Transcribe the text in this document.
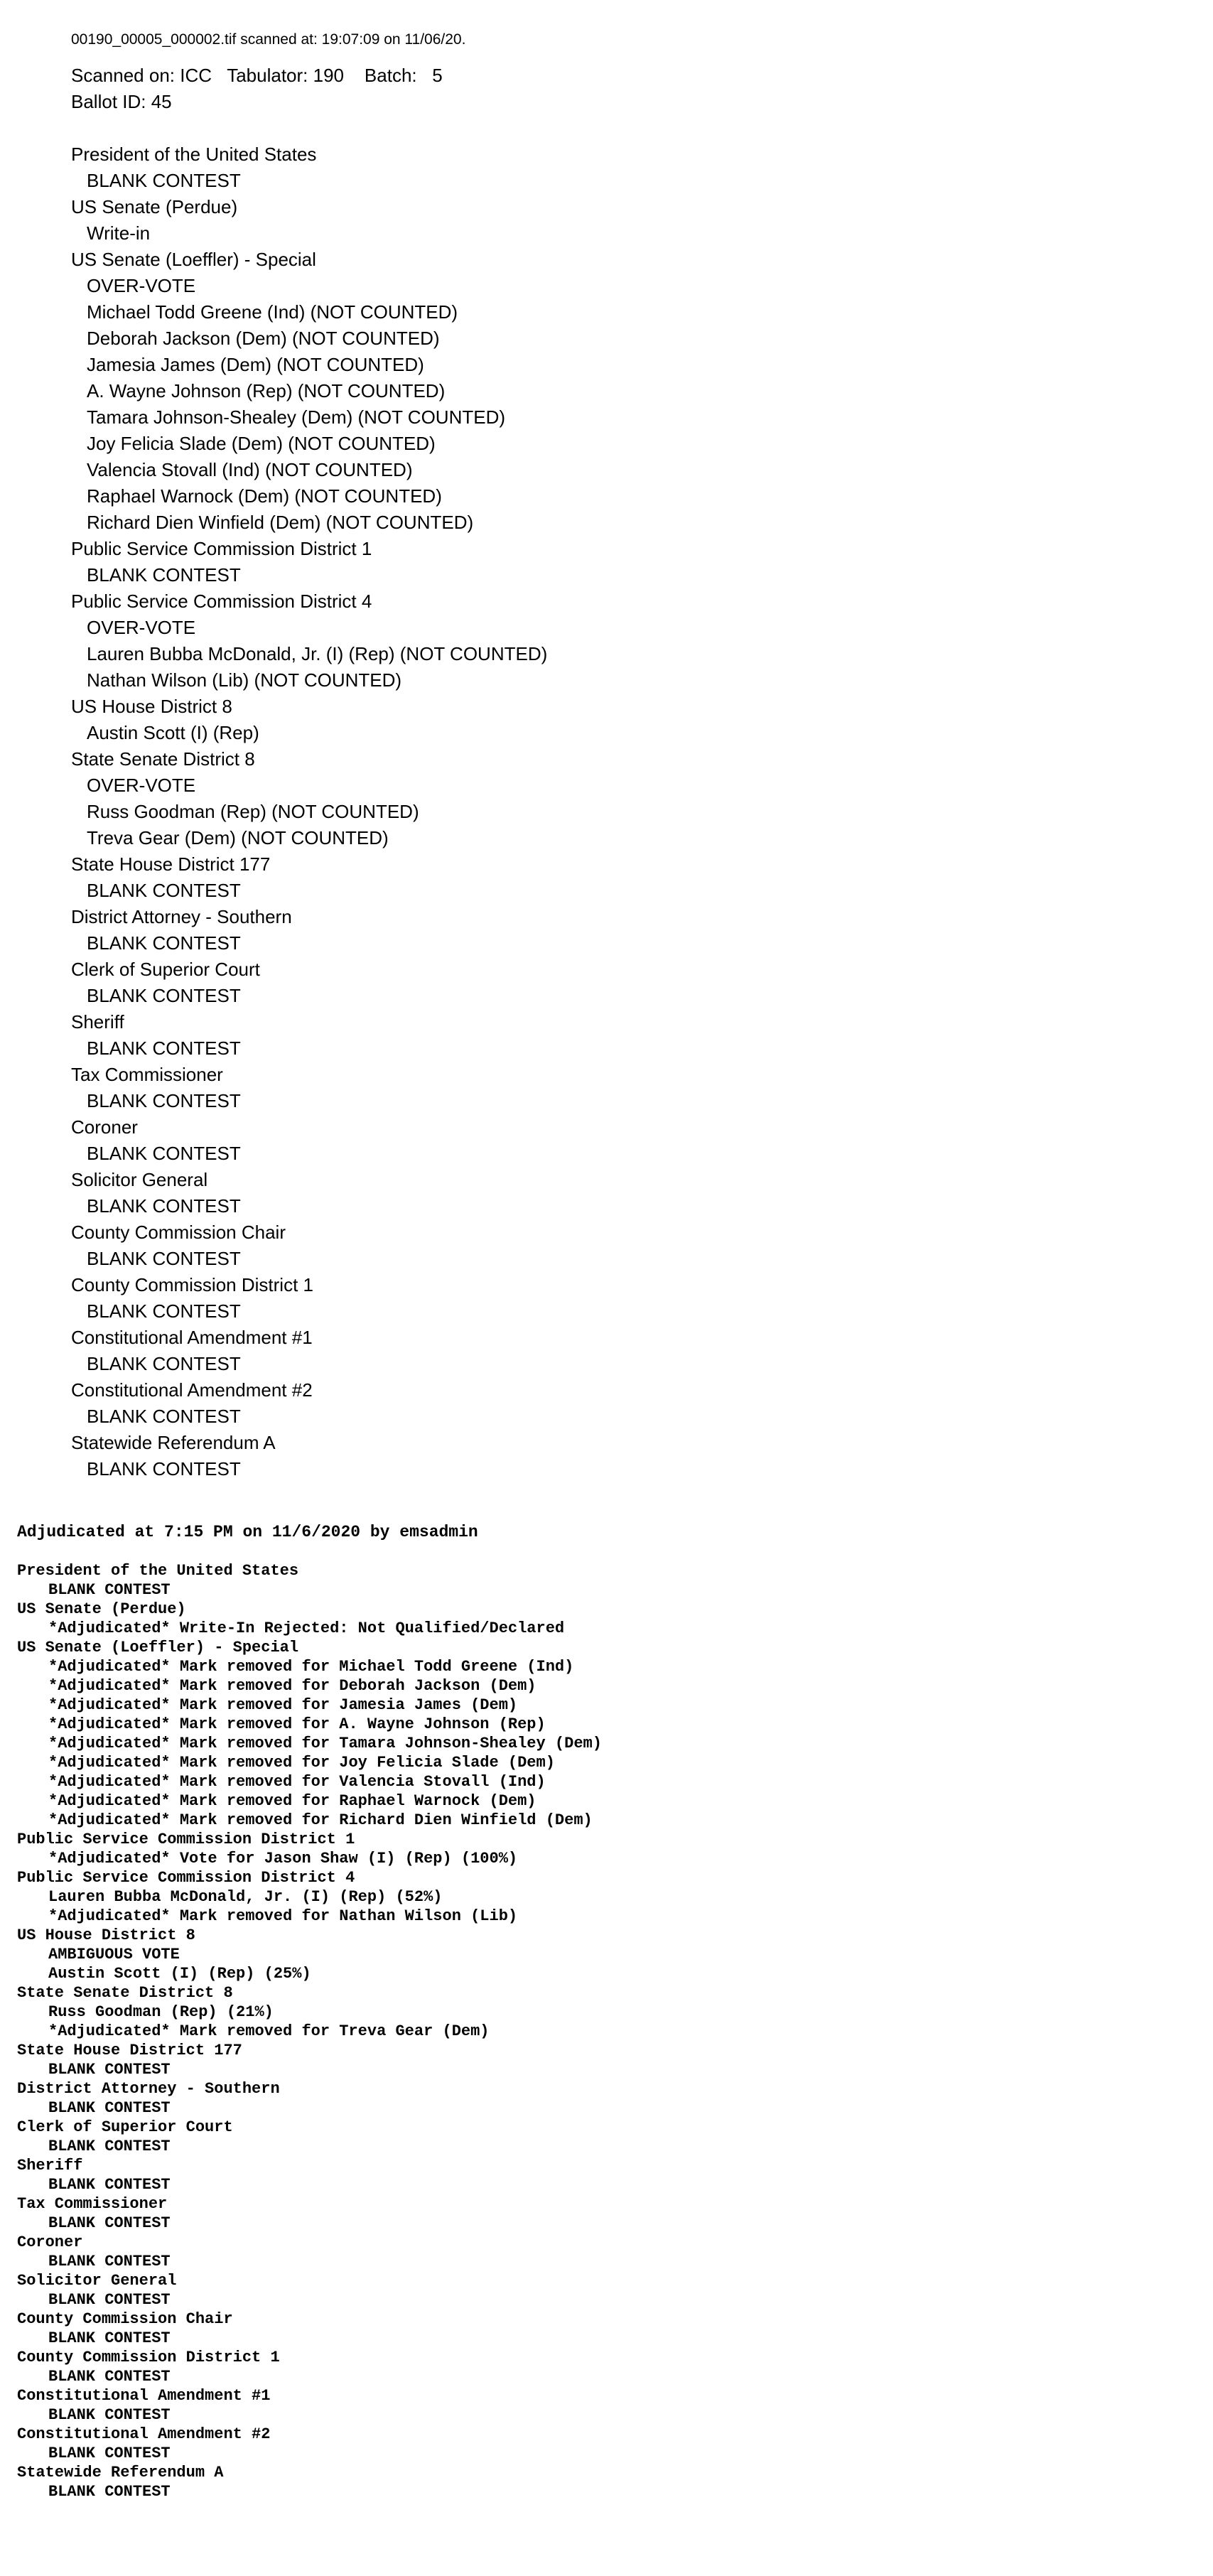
00190_00005_000002.tif scanned at: 19:07:09 on 11/06/20.
Scanned on: ICC Tabulator: 190 Batch:   5
Ballot ID: 45
President of the United States
BLANK CONTEST
US Senate (Perdue)
Write-in
US Senate (Loeffler) - Special
OVER-VOTE
Michael Todd Greene (Ind) (NOT COUNTED)
Deborah Jackson (Dem) (NOT COUNTED)
Jamesia James (Dem) (NOT COUNTED)
A. Wayne Johnson (Rep) (NOT COUNTED)
Tamara Johnson-Shealey (Dem) (NOT COUNTED)
Joy Felicia Slade (Dem) (NOT COUNTED)
Valencia Stovall (Ind) (NOT COUNTED)
Raphael Warnock (Dem) (NOT COUNTED)
Richard Dien Winfield (Dem) (NOT COUNTED)
Public Service Commission District 1
BLANK CONTEST
Public Service Commission District 4
OVER-VOTE
Lauren Bubba McDonald, Jr. (I) (Rep) (NOT COUNTED)
Nathan Wilson (Lib) (NOT COUNTED)
US House District 8
Austin Scott (I) (Rep)
State Senate District 8
OVER-VOTE
Russ Goodman (Rep) (NOT COUNTED)
Treva Gear (Dem) (NOT COUNTED)
State House District 177
BLANK CONTEST
District Attorney - Southern
BLANK CONTEST
Clerk of Superior Court
BLANK CONTEST
Sheriff
BLANK CONTEST
Tax Commissioner
BLANK CONTEST
Coroner
BLANK CONTEST
Solicitor General
BLANK CONTEST
County Commission Chair
BLANK CONTEST
County Commission District 1
BLANK CONTEST
Constitutional Amendment #1
BLANK CONTEST
Constitutional Amendment #2
BLANK CONTEST
Statewide Referendum A
BLANK CONTEST
Adjudicated at 7:15 PM on 11/6/2020 by emsadmin
President of the United States
BLANK CONTEST
US Senate (Perdue)
*Adjudicated* Write-In Rejected: Not Qualified/Declared
US Senate (Loeffler) - Special
*Adjudicated* Mark removed for Michael Todd Greene (Ind)
*Adjudicated* Mark removed for Deborah Jackson (Dem)
*Adjudicated* Mark removed for Jamesia James (Dem)
*Adjudicated* Mark removed for A. Wayne Johnson (Rep)
*Adjudicated* Mark removed for Tamara Johnson-Shealey (Dem)
*Adjudicated* Mark removed for Joy Felicia Slade (Dem)
*Adjudicated* Mark removed for Valencia Stovall (Ind)
*Adjudicated* Mark removed for Raphael Warnock (Dem)
*Adjudicated* Mark removed for Richard Dien Winfield (Dem)
Public Service Commission District 1
*Adjudicated* Vote for Jason Shaw (I) (Rep) (100%)
Public Service Commission District 4
Lauren Bubba McDonald, Jr. (I) (Rep) (52%)
*Adjudicated* Mark removed for Nathan Wilson (Lib)
US House District 8
AMBIGUOUS VOTE
Austin Scott (I) (Rep) (25%)
State Senate District 8
Russ Goodman (Rep) (21%)
*Adjudicated* Mark removed for Treva Gear (Dem)
State House District 177
BLANK CONTEST
District Attorney - Southern
BLANK CONTEST
Clerk of Superior Court
BLANK CONTEST
Sheriff
BLANK CONTEST
Tax Commissioner
BLANK CONTEST
Coroner
BLANK CONTEST
Solicitor General
BLANK CONTEST
County Commission Chair
BLANK CONTEST
County Commission District 1
BLANK CONTEST
Constitutional Amendment #1
BLANK CONTEST
Constitutional Amendment #2
BLANK CONTEST
Statewide Referendum A
BLANK CONTEST
